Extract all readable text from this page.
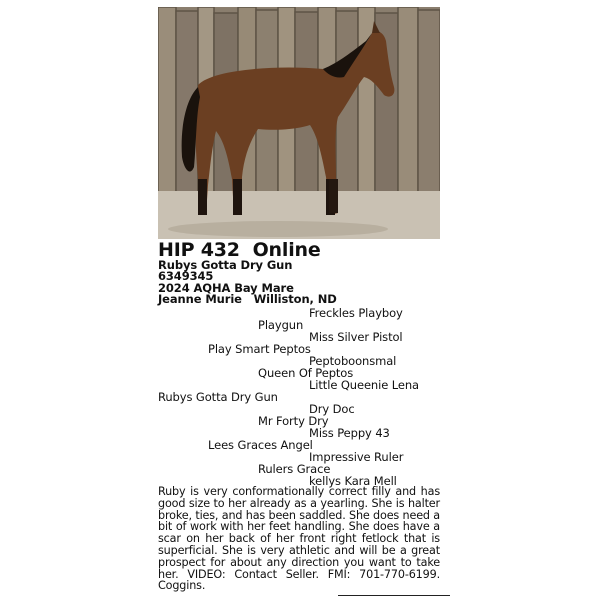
HIP 432  Online
Rubys Gotta Dry Gun
6349345
2024 AQHA Bay Mare
Jeanne Murie   Williston, ND
Freckles Playboy
Playgun
Miss Silver Pistol
Play Smart Peptos
Peptoboonsmal
Queen Of Peptos
Little Queenie Lena
Rubys Gotta Dry Gun
Dry Doc
Mr Forty Dry
Miss Peppy 43
Lees Graces Angel
Impressive Ruler
Rulers Grace
kellys Kara Mell
Ruby is very conformationally correct filly and has good size to her already as a yearling. She is halter broke, ties, and has been saddled. She does need a bit of work with her feet handling. She does have a scar on her back of her front right fetlock that is superficial. She is very athletic and will be a great prospect for about any direction you want to take her. VIDEO: Contact Seller. FMI: 701-770-6199. Coggins.
